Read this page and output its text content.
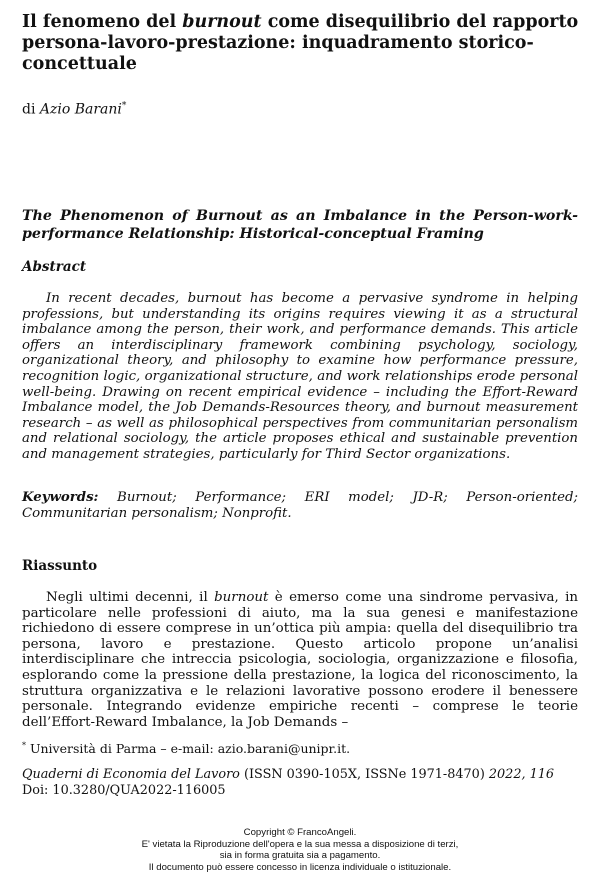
Il fenomeno del burnout come disequilibrio del rapporto persona-lavoro-prestazione: inquadramento storico-concettuale
di Azio Barani*
The Phenomenon of Burnout as an Imbalance in the Person-work-performance Relationship: Historical-conceptual Framing
Abstract

In recent decades, burnout has become a pervasive syndrome in helping professions, but understanding its origins requires viewing it as a structural imbalance among the person, their work, and performance demands. This article offers an interdisciplinary framework combining psychology, sociology, organizational theory, and philosophy to examine how performance pressure, recognition logic, organizational structure, and work relationships erode personal well-being. Drawing on recent empirical evidence – including the Effort-Reward Imbalance model, the Job Demands-Resources theory, and burnout measurement research – as well as philosophical perspectives from communitarian personalism and relational sociology, the article proposes ethical and sustainable prevention and management strategies, particularly for Third Sector organizations.

Keywords: Burnout; Performance; ERI model; JD-R; Person-oriented; Communitarian personalism; Nonprofit.

Riassunto

Negli ultimi decenni, il burnout è emerso come una sindrome pervasiva, in particolare nelle professioni di aiuto, ma la sua genesi e manifestazione richiedono di essere comprese in un’ottica più ampia: quella del disequilibrio tra persona, lavoro e prestazione. Questo articolo propone un’analisi interdisciplinare che intreccia psicologia, sociologia, organizzazione e filosofia, esplorando come la pressione della prestazione, la logica del riconoscimento, la struttura organizzativa e le relazioni lavorative possono erodere il benessere personale. Integrando evidenze empiriche recenti – comprese le teorie dell’Effort-Reward Imbalance, la Job Demands –

* Università di Parma – e-mail: azio.barani@unipr.it.
Quaderni di Economia del Lavoro (ISSN 0390-105X, ISSNe 1971-8470) 2022, 116
Doi: 10.3280/QUA2022-116005
Copyright © FrancoAngeli.
E' vietata la Riproduzione dell'opera e la sua messa a disposizione di terzi,
sia in forma gratuita sia a pagamento.
Il documento può essere concesso in licenza individuale o istituzionale.
